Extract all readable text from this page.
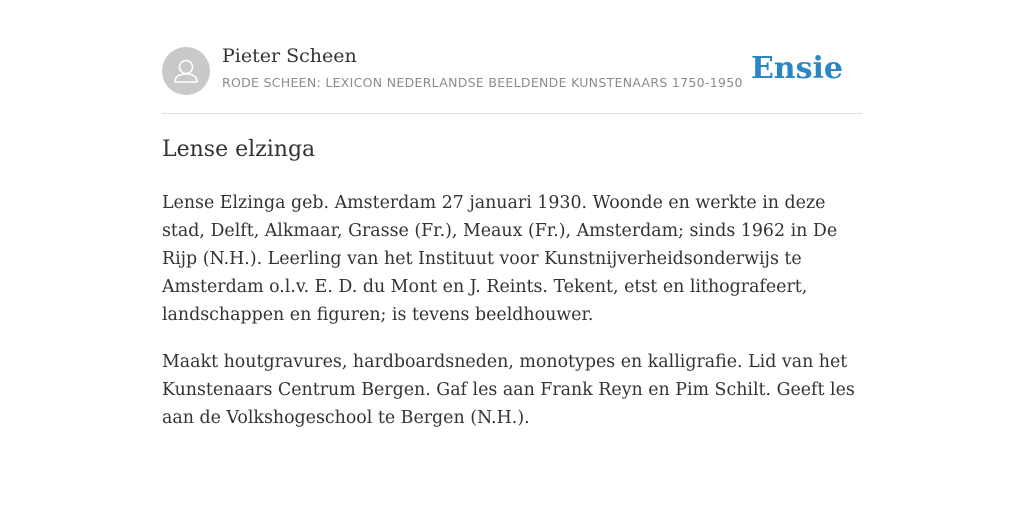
Pieter Scheen
RODE SCHEEN: LEXICON NEDERLANDSE BEELDENDE KUNSTENAARS 1750-1950 Ensie
Lense elzinga

Lense Elzinga geb. Amsterdam 27 januari 1930. Woonde en werkte in deze stad, Delft, Alkmaar, Grasse (Fr.), Meaux (Fr.), Amsterdam; sinds 1962 in De Rijp (N.H.). Leerling van het Instituut voor Kunstnijverheidsonderwijs te Amsterdam o.l.v. E. D. du Mont en J. Reints. Tekent, etst en lithografeert, landschappen en figuren; is tevens beeldhouwer.

Maakt houtgravures, hardboardsneden, monotypes en kalligrafie. Lid van het Kunstenaars Centrum Bergen. Gaf les aan Frank Reyn en Pim Schilt. Geeft les aan de Volkshogeschool te Bergen (N.H.).
